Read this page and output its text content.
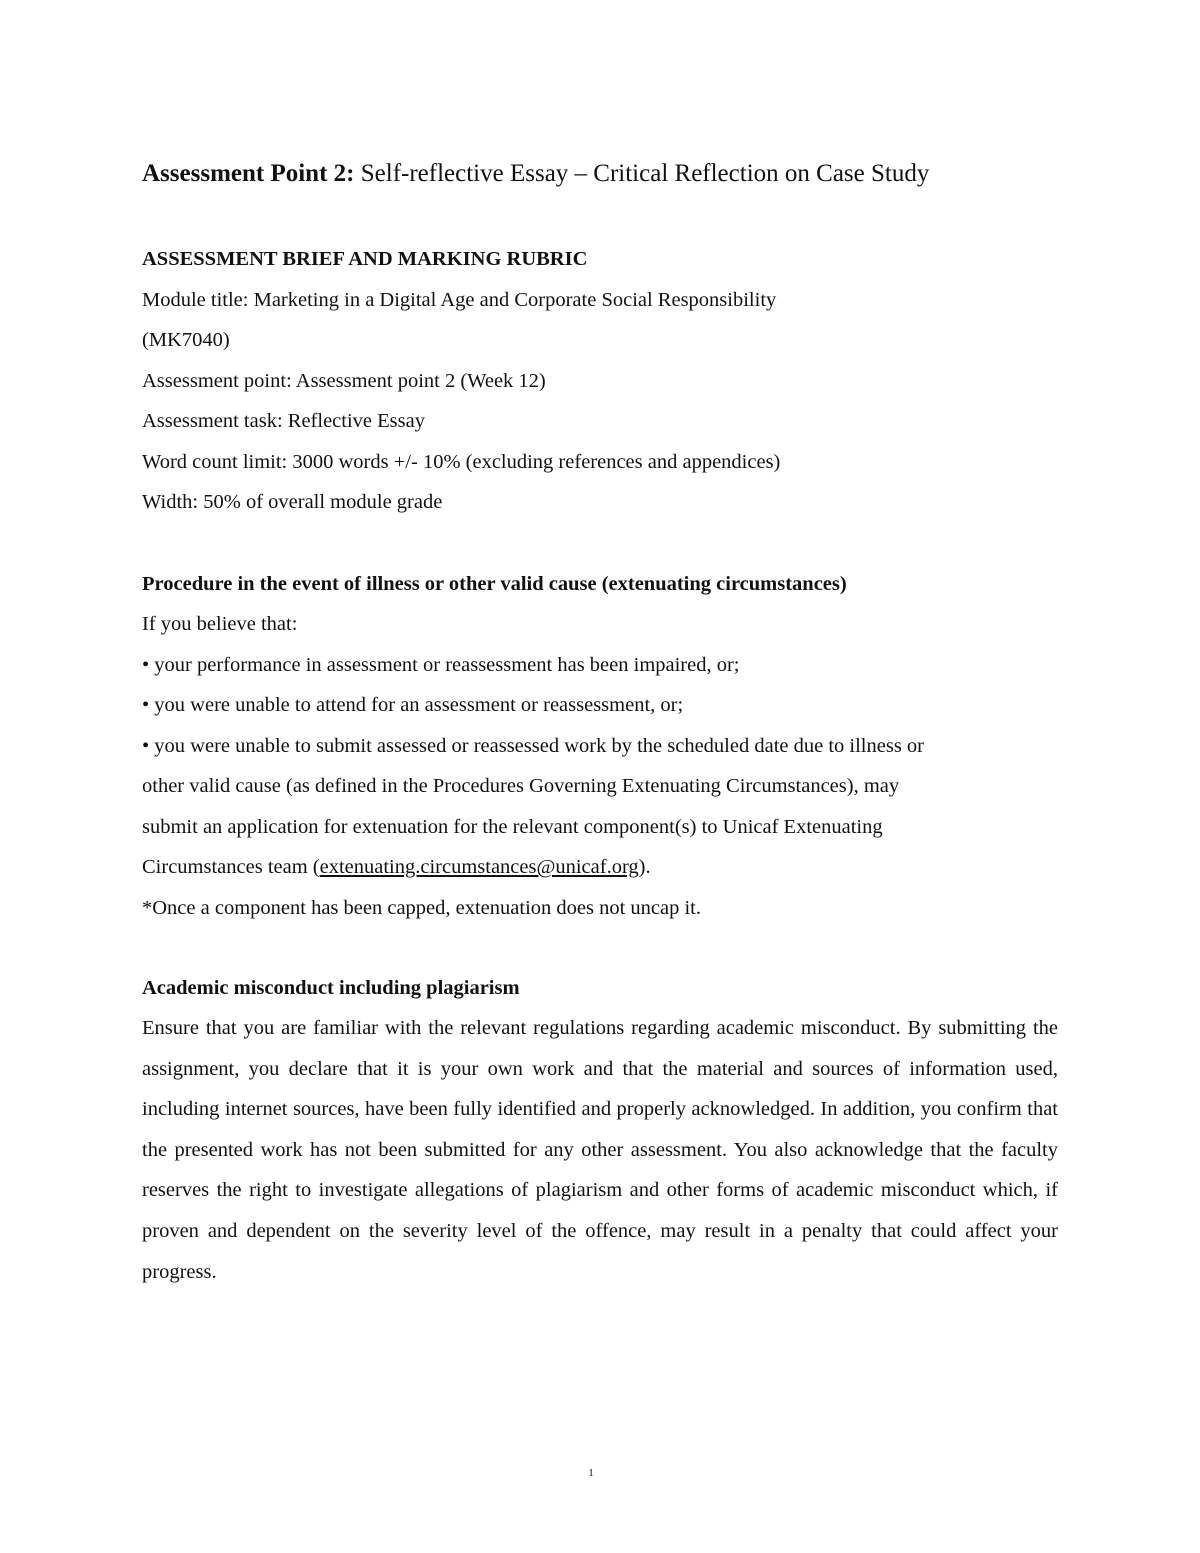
Assessment Point 2: Self-reflective Essay – Critical Reflection on Case Study
ASSESSMENT BRIEF AND MARKING RUBRIC
Module title: Marketing in a Digital Age and Corporate Social Responsibility
(MK7040)
Assessment point: Assessment point 2 (Week 12)
Assessment task: Reflective Essay
Word count limit: 3000 words +/- 10% (excluding references and appendices)
Width: 50% of overall module grade
Procedure in the event of illness or other valid cause (extenuating circumstances)
If you believe that:
• your performance in assessment or reassessment has been impaired, or;
• you were unable to attend for an assessment or reassessment, or;
• you were unable to submit assessed or reassessed work by the scheduled date due to illness or
other valid cause (as defined in the Procedures Governing Extenuating Circumstances), may
submit an application for extenuation for the relevant component(s) to Unicaf Extenuating
Circumstances team (extenuating.circumstances@unicaf.org).
*Once a component has been capped, extenuation does not uncap it.
Academic misconduct including plagiarism
Ensure that you are familiar with the relevant regulations regarding academic misconduct. By submitting the assignment, you declare that it is your own work and that the material and sources of information used, including internet sources, have been fully identified and properly acknowledged. In addition, you confirm that the presented work has not been submitted for any other assessment. You also acknowledge that the faculty reserves the right to investigate allegations of plagiarism and other forms of academic misconduct which, if proven and dependent on the severity level of the offence, may result in a penalty that could affect your progress.
1
